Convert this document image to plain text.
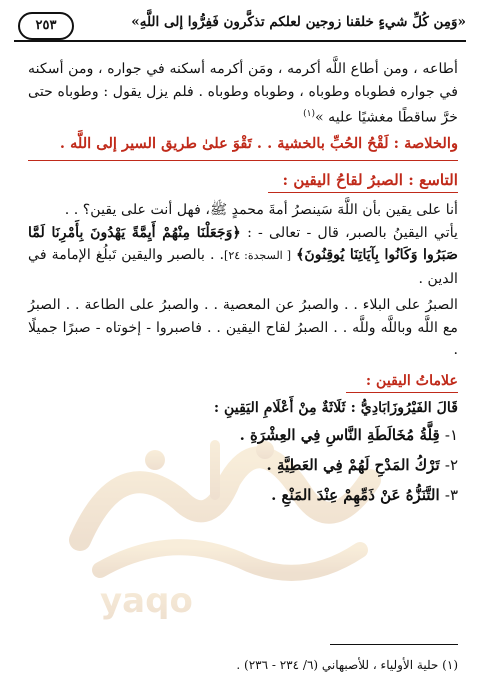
yaqo
«وَمِن كُلِّ شيءٍ خلقنا زوجين لعلكم تذكَّرون فَفِرُّوا إلى اللَّهِ»
٢٥٣

أطاعه ، ومن أطاع اللَّه أكرمه ، ومَن أكرمه أسكنه في جواره ، ومن أسكنه في جواره فطوباه وطوباه ، وطوباه وطوباه . فلم يزل يقول : وطوباه حتى خرَّ ساقطًا مغشيًا عليه »$^{(١)}$

والخلاصة : لَقْحُ الحُبِّ بالخشية . . تَقْوَ علىٰ طريق السير إلى اللَّه .

التاسع : الصبرُ لقاحُ اليقين :

أنا على يقين بأن اللَّهَ سَينصرُ أمةَ محمدٍ ﷺ، فهل أنت على يقين؟ . .

يأتي اليقينُ بالصبر، قال - تعالى - : ﴿وَجَعَلْنَا مِنْهُمْ أَيِمَّةً يَهْدُونَ بِأَمْرِنَا لَمَّا صَبَرُوا وَكَانُوا بِآيَاتِنَا يُوقِنُونَ﴾ [ السجدة: ٢٤]. . بالصبر واليقين تَبلُغ الإمامة في الدين .

الصبرُ على البلاء . . والصبرُ عن المعصية . . والصبرُ على الطاعة . . الصبرُ مع اللَّه وباللَّه وللَّه . . الصبرُ لقاح اليقين . . فاصبروا - إخوتاه - صبرًا جميلًا .

علاماتُ اليقين :

قَالَ الفَيْرُوزَابَادِيُّ : ثَلَاثَةٌ مِنْ أَعْلَامِ اليَقِينِ :

١- قِلَّةُ مُخَالَطَةِ النَّاسِ فِي العِشْرَةِ .

٢- تَرْكُ المَدْحِ لَهُمْ فِي العَطِيَّةِ .

٣- التَّنَزُّهُ عَنْ ذَمِّهِمْ عِنْدَ المَنْعِ .

(١) حلية الأولياء ، للأصبهاني (٦/ ٢٣٤ - ٢٣٦) .
